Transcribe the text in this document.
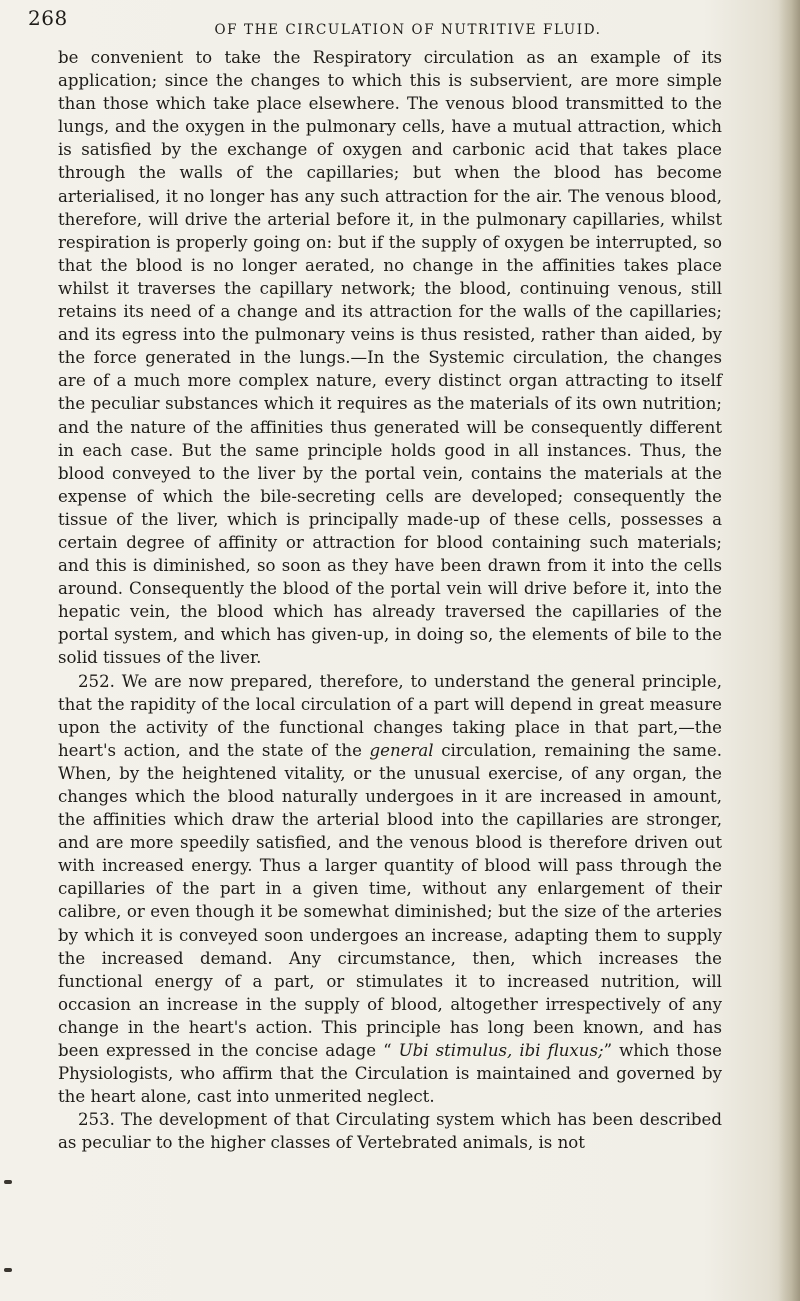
268	OF THE CIRCULATION OF NUTRITIVE FLUID.

be convenient to take the Respiratory circulation as an example of its application; since the changes to which this is subservient, are more simple than those which take place elsewhere. The venous blood transmitted to the lungs, and the oxygen in the pulmonary cells, have a mutual attraction, which is satisfied by the exchange of oxygen and carbonic acid that takes place through the walls of the capillaries; but when the blood has become arterialised, it no longer has any such attraction for the air. The venous blood, therefore, will drive the arterial before it, in the pulmonary capillaries, whilst respiration is properly going on: but if the supply of oxygen be interrupted, so that the blood is no longer aerated, no change in the affinities takes place whilst it traverses the capillary network; the blood, continuing venous, still retains its need of a change and its attraction for the walls of the capillaries; and its egress into the pulmonary veins is thus resisted, rather than aided, by the force generated in the lungs.—In the Systemic circulation, the changes are of a much more complex nature, every distinct organ attracting to itself the peculiar substances which it requires as the materials of its own nutrition; and the nature of the affinities thus generated will be consequently different in each case. But the same principle holds good in all instances. Thus, the blood conveyed to the liver by the portal vein, contains the materials at the expense of which the bile-secreting cells are developed; consequently the tissue of the liver, which is principally made-up of these cells, possesses a certain degree of affinity or attraction for blood containing such materials; and this is diminished, so soon as they have been drawn from it into the cells around. Consequently the blood of the portal vein will drive before it, into the hepatic vein, the blood which has already traversed the capillaries of the portal system, and which has given-up, in doing so, the elements of bile to the solid tissues of the liver.

252. We are now prepared, therefore, to understand the general principle, that the rapidity of the local circulation of a part will depend in great measure upon the activity of the functional changes taking place in that part,—the heart's action, and the state of the general circulation, remaining the same. When, by the heightened vitality, or the unusual exercise, of any organ, the changes which the blood naturally undergoes in it are increased in amount, the affinities which draw the arterial blood into the capillaries are stronger, and are more speedily satisfied, and the venous blood is therefore driven out with increased energy. Thus a larger quantity of blood will pass through the capillaries of the part in a given time, without any enlargement of their calibre, or even though it be somewhat diminished; but the size of the arteries by which it is conveyed soon undergoes an increase, adapting them to supply the increased demand. Any circumstance, then, which increases the functional energy of a part, or stimulates it to increased nutrition, will occasion an increase in the supply of blood, altogether irrespectively of any change in the heart's action. This principle has long been known, and has been expressed in the concise adage “ Ubi stimulus, ibi fluxus;” which those Physiologists, who affirm that the Circulation is maintained and governed by the heart alone, cast into unmerited neglect.

253. The development of that Circulating system which has been described as peculiar to the higher classes of Vertebrated animals, is not
